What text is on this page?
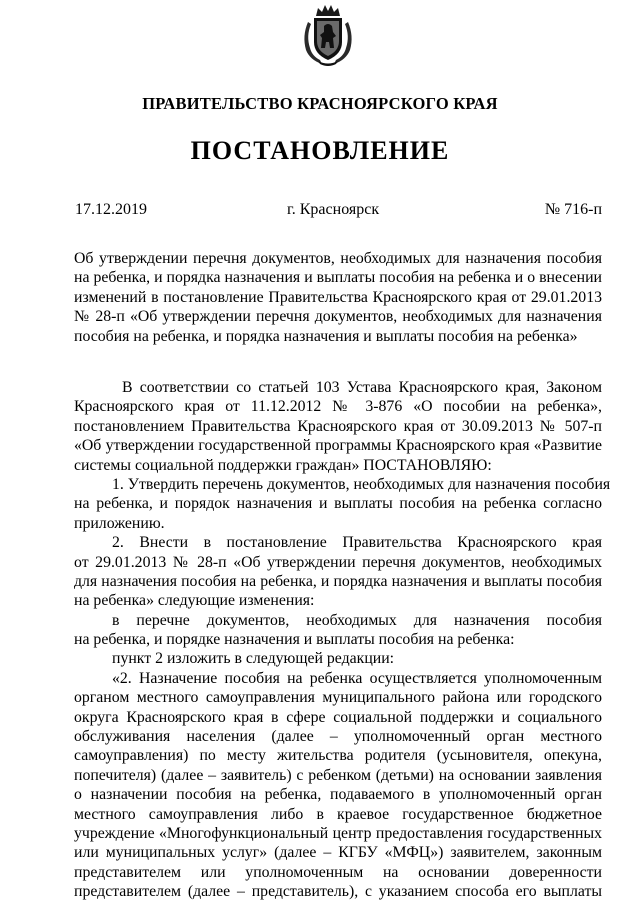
ПРАВИТЕЛЬСТВО КРАСНОЯРСКОГО КРАЯ
ПОСТАНОВЛЕНИЕ
17.12.2019	г. Красноярск	№ 716-п
Об утверждении перечня документов, необходимых для назначения пособия
на ребенка, и порядка назначения и выплаты пособия на ребенка и о внесении
изменений в постановление Правительства Красноярского края от 29.01.2013
№ 28-п «Об утверждении перечня документов, необходимых для назначения
пособия на ребенка, и порядка назначения и выплаты пособия на ребенка»
В соответствии со статьей 103 Устава Красноярского края, Законом
Красноярского края от 11.12.2012 № 3-876 «О пособии на ребенка»,
постановлением Правительства Красноярского края от 30.09.2013 № 507-п
«Об утверждении государственной программы Красноярского края «Развитие
системы социальной поддержки граждан» ПОСТАНОВЛЯЮ:
1. Утвердить перечень документов, необходимых для назначения пособия
на ребенка, и порядок назначения и выплаты пособия на ребенка согласно
приложению.
2. Внести в постановление Правительства Красноярского края
от 29.01.2013 № 28-п «Об утверждении перечня документов, необходимых
для назначения пособия на ребенка, и порядка назначения и выплаты пособия
на ребенка» следующие изменения:
в перечне документов, необходимых для назначения пособия
на ребенка, и порядке назначения и выплаты пособия на ребенка:
пункт 2 изложить в следующей редакции:
«2. Назначение пособия на ребенка осуществляется уполномоченным
органом местного самоуправления муниципального района или городского
округа Красноярского края в сфере социальной поддержки и социального
обслуживания населения (далее – уполномоченный орган местного
самоуправления) по месту жительства родителя (усыновителя, опекуна,
попечителя) (далее – заявитель) с ребенком (детьми) на основании заявления
о назначении пособия на ребенка, подаваемого в уполномоченный орган
местного самоуправления либо в краевое государственное бюджетное
учреждение «Многофункциональный центр предоставления государственных
или муниципальных услуг» (далее – КГБУ «МФЦ») заявителем, законным
представителем или уполномоченным на основании доверенности
представителем (далее – представитель), с указанием способа его выплаты
